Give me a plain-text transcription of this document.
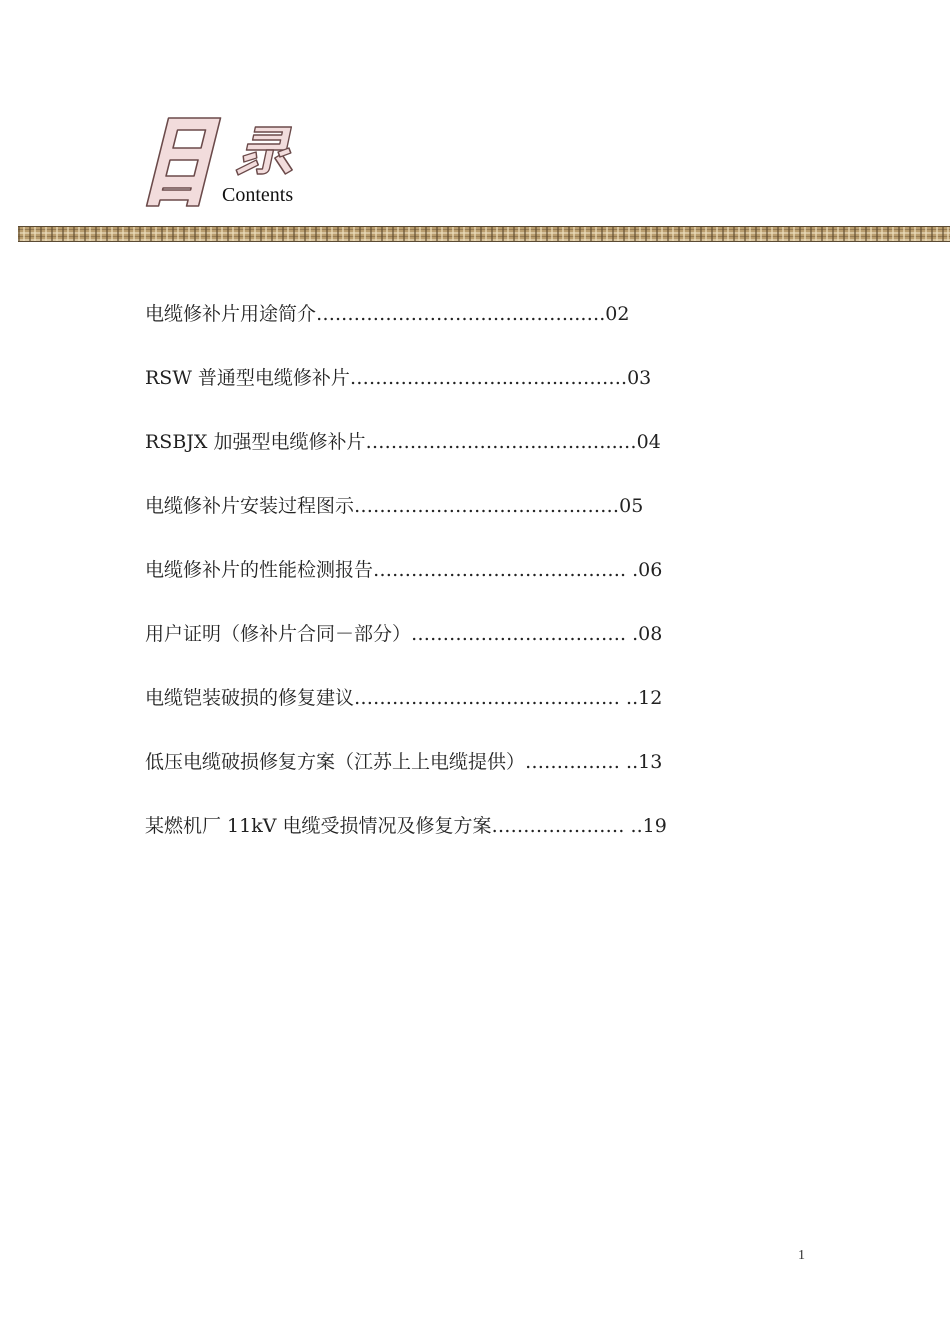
Contents
电缆修补片用途简介….…………………….…..……..….02
RSW 普通型电缆修补片……………………..……..……….03
RSBJX 加强型电缆修补片……………………….…….…..…04
电缆修补片安装过程图示………….…………….…….……05
电缆修补片的性能检测报告…………………………………. .06
用户证明（修补片合同－部分）……………………………. .08
电缆铠装破损的修复建议…………………………………… ..12
低压电缆破损修复方案（江苏上上电缆提供）…………… ..13
某燃机厂 11kV 电缆受损情况及修复方案………………… ..19
1
